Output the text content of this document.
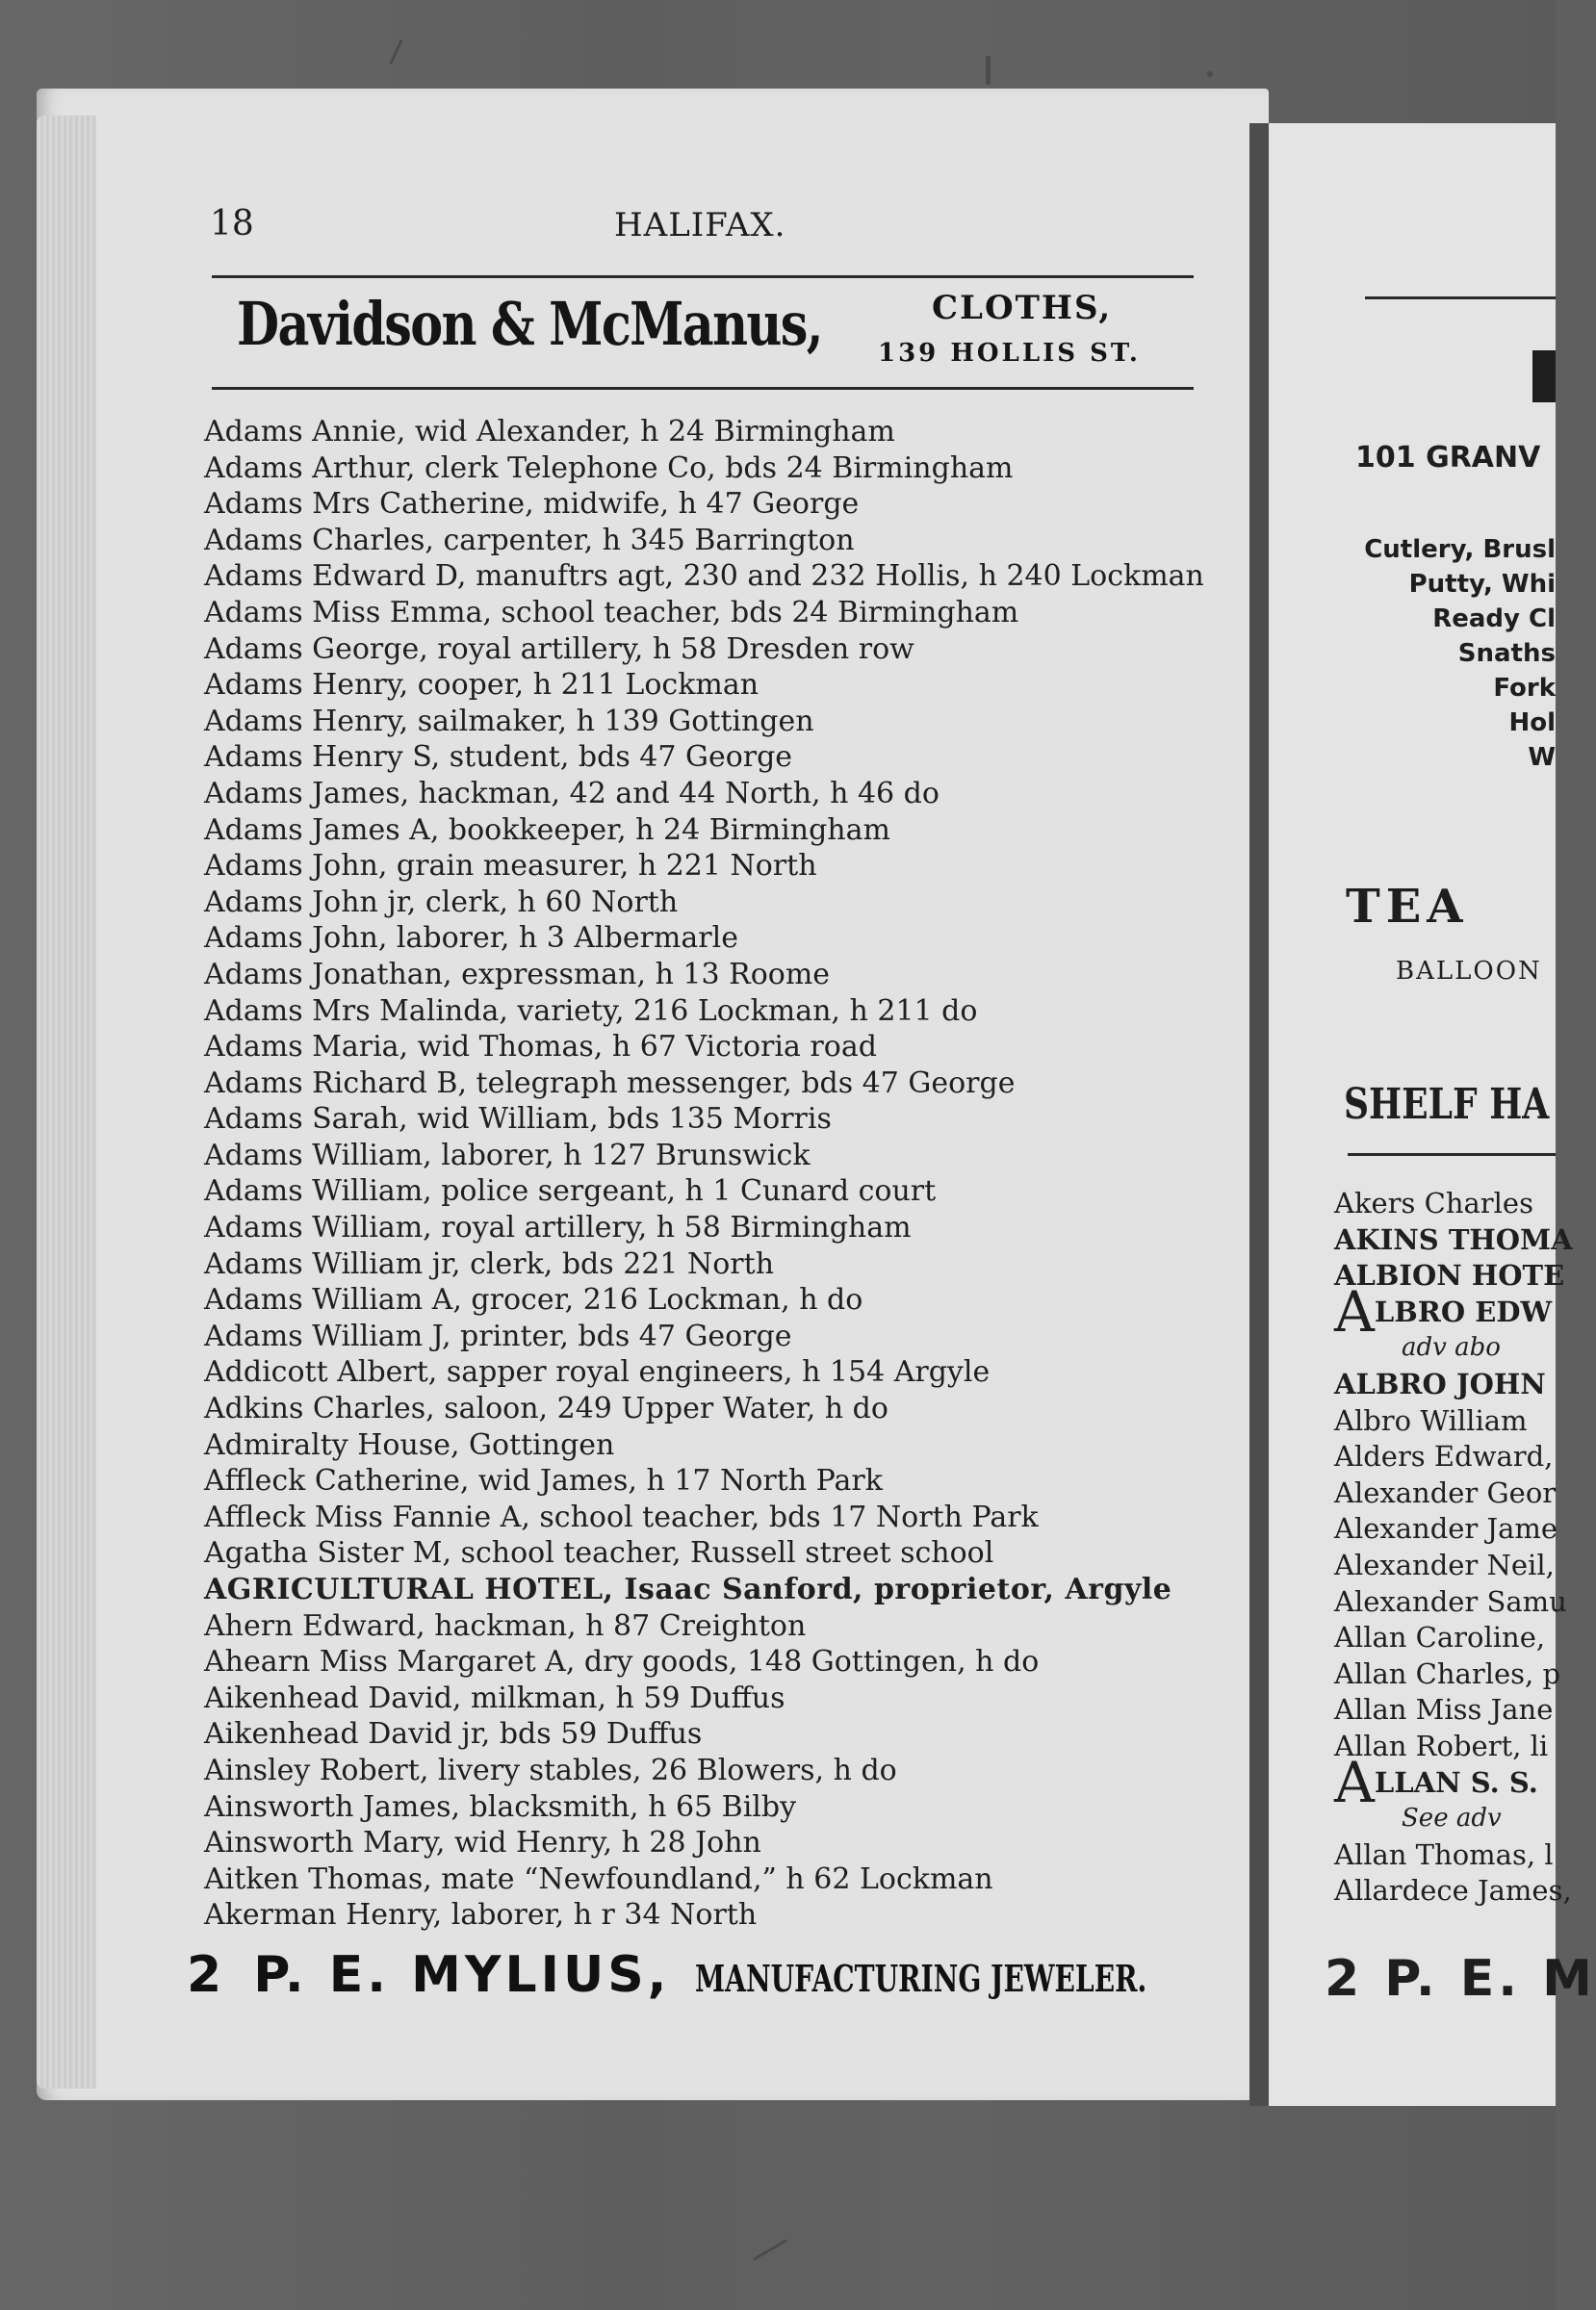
18	HALIFAX.
Davidson & McManus,	CLOTHS,
139 HOLLIS ST.
Adams Annie, wid Alexander, h 24 Birmingham
Adams Arthur, clerk Telephone Co, bds 24 Birmingham
Adams Mrs Catherine, midwife, h 47 George
Adams Charles, carpenter, h 345 Barrington
Adams Edward D, manuftrs agt, 230 and 232 Hollis, h 240 Lockman
Adams Miss Emma, school teacher, bds 24 Birmingham
Adams George, royal artillery, h 58 Dresden row
Adams Henry, cooper, h 211 Lockman
Adams Henry, sailmaker, h 139 Gottingen
Adams Henry S, student, bds 47 George
Adams James, hackman, 42 and 44 North, h 46 do
Adams James A, bookkeeper, h 24 Birmingham
Adams John, grain measurer, h 221 North
Adams John jr, clerk, h 60 North
Adams John, laborer, h 3 Albermarle
Adams Jonathan, expressman, h 13 Roome
Adams Mrs Malinda, variety, 216 Lockman, h 211 do
Adams Maria, wid Thomas, h 67 Victoria road
Adams Richard B, telegraph messenger, bds 47 George
Adams Sarah, wid William, bds 135 Morris
Adams William, laborer, h 127 Brunswick
Adams William, police sergeant, h 1 Cunard court
Adams William, royal artillery, h 58 Birmingham
Adams William jr, clerk, bds 221 North
Adams William A, grocer, 216 Lockman, h do
Adams William J, printer, bds 47 George
Addicott Albert, sapper royal engineers, h 154 Argyle
Adkins Charles, saloon, 249 Upper Water, h do
Admiralty House, Gottingen
Affleck Catherine, wid James, h 17 North Park
Affleck Miss Fannie A, school teacher, bds 17 North Park
Agatha Sister M, school teacher, Russell street school
AGRICULTURAL HOTEL, Isaac Sanford, proprietor, Argyle
Ahern Edward, hackman, h 87 Creighton
Ahearn Miss Margaret A, dry goods, 148 Gottingen, h do
Aikenhead David, milkman, h 59 Duffus
Aikenhead David jr, bds 59 Duffus
Ainsley Robert, livery stables, 26 Blowers, h do
Ainsworth James, blacksmith, h 65 Bilby
Ainsworth Mary, wid Henry, h 28 John
Aitken Thomas, mate “Newfoundland,” h 62 Lockman
Akerman Henry, laborer, h r 34 North
2 P. E. MYLIUS, MANUFACTURING JEWELER.
101 GRANV
Cutlery, Brusl
Putty, Whi
Ready Cl
Snaths
Fork
Hol
W
TEA
BALLOON
SHELF HA
Akers Charles
AKINS THOMA
ALBION HOTE
ALBRO EDW
adv abo
ALBRO JOHN
Albro William
Alders Edward,
Alexander Geor
Alexander Jame
Alexander Neil,
Alexander Samu
Allan Caroline,
Allan Charles, p
Allan Miss Jane
Allan Robert, li
ALLAN S. S.
See adv
Allan Thomas, l
Allardece James,
2 P. E. M
